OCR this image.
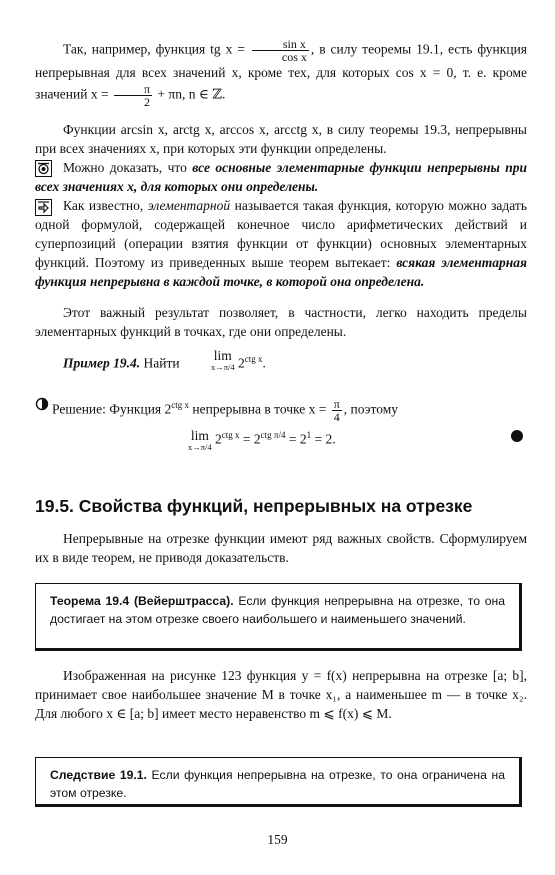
Так, например, функция tg $x = \frac{\text{sin x}}{\text{cos x}}$ , в силу теоремы 19.1, есть функция непрерывная для всех значений x, кроме тех, для которых cos x = 0, т. е. кроме значений $x = \frac{\pi}{2} + \pi n$, n ∈ ℤ.

Функции arcsin x, arctg x, arccos x, arcctg x, в силу теоремы 19.3, непрерывны при всех значениях x, при которых эти функции определены.

Можно доказать, что все основные элементарные функции непрерывны при всех значениях x, для которых они определены.

Как известно, элементарной называется такая функция, которую можно задать одной формулой, содержащей конечное число арифметических действий и суперпозиций (операции взятия функции от функции) основных элементарных функций. Поэтому из приведенных выше теорем вытекает: всякая элементарная функция непрерывна в каждой точке, в которой она определена.

Этот важный результат позволяет, в частности, легко находить пределы элементарных функций в точках, где они определены.

Пример 19.4. Найти	lim
x→π/4 $2^{ctg x}$.

Решение: Функция $2^{ctg x}$ непрерывна в точке $x = \frac{\pi}{4}$ , поэтому

lim
x→π/4
$2^{ctg x} = 2^{ctg \pi/4} = 2^1 = 2$.
19.5. Свойства функций, непрерывных на отрезке

Непрерывные на отрезке функции имеют ряд важных свойств. Сформулируем их в виде теорем, не приводя доказательств.

Теорема 19.4 (Вейерштрасса). Если функция непрерывна на отрезке, то она достигает на этом отрезке своего наибольшего и наименьшего значений.

Изображенная на рисунке 123 функция y = f(x) непрерывна на отрезке [a; b], принимает свое наибольшее значение M в точке x₁, а наименьшее m — в точке x₂. Для любого x ∈ [a; b] имеет место неравенство m ⩽ f(x) ⩽ M.

Следствие 19.1. Если функция непрерывна на отрезке, то она ограничена на этом отрезке.
159
